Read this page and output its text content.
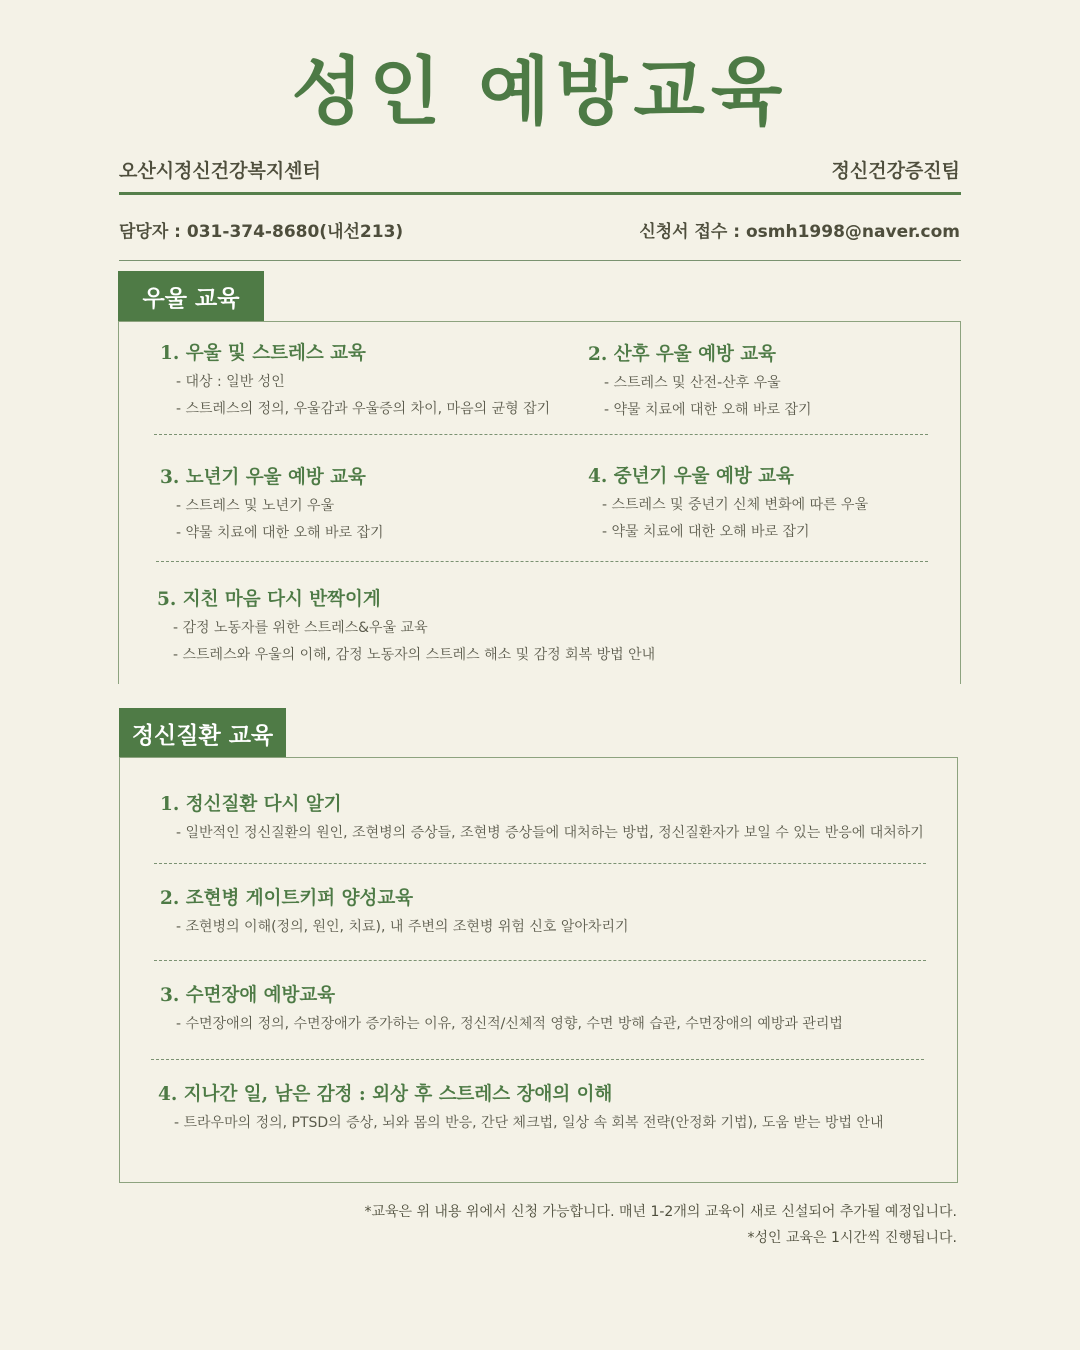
성인 예방교육
오산시정신건강복지센터	정신건강증진팀
담당자 : 031-374-8680(내선213)	신청서 접수 : osmh1998@naver.com
우울 교육
1. 우울 및 스트레스 교육
- 대상 : 일반 성인
- 스트레스의 정의, 우울감과 우울증의 차이, 마음의 균형 잡기
2. 산후 우울 예방 교육
- 스트레스 및 산전-산후 우울
- 약물 치료에 대한 오해 바로 잡기
3. 노년기 우울 예방 교육
- 스트레스 및 노년기 우울
- 약물 치료에 대한 오해 바로 잡기
4. 중년기 우울 예방 교육
- 스트레스 및 중년기 신체 변화에 따른 우울
- 약물 치료에 대한 오해 바로 잡기
5. 지친 마음 다시 반짝이게
- 감정 노동자를 위한 스트레스&우울 교육
- 스트레스와 우울의 이해, 감정 노동자의 스트레스 해소 및 감정 회복 방법 안내
정신질환 교육
1. 정신질환 다시 알기
- 일반적인 정신질환의 원인, 조현병의 증상들, 조현병 증상들에 대처하는 방법, 정신질환자가 보일 수 있는 반응에 대처하기
2. 조현병 게이트키퍼 양성교육
- 조현병의 이해(정의, 원인, 치료), 내 주변의 조현병 위험 신호 알아차리기
3. 수면장애 예방교육
- 수면장애의 정의, 수면장애가 증가하는 이유, 정신적/신체적 영향, 수면 방해 습관, 수면장애의 예방과 관리법
4. 지나간 일, 남은 감정 : 외상 후 스트레스 장애의 이해
- 트라우마의 정의, PTSD의 증상, 뇌와 몸의 반응, 간단 체크법, 일상 속 회복 전략(안정화 기법), 도움 받는 방법 안내
*교육은 위 내용 위에서 신청 가능합니다. 매년 1-2개의 교육이 새로 신설되어 추가될 예정입니다.
*성인 교육은 1시간씩 진행됩니다.
